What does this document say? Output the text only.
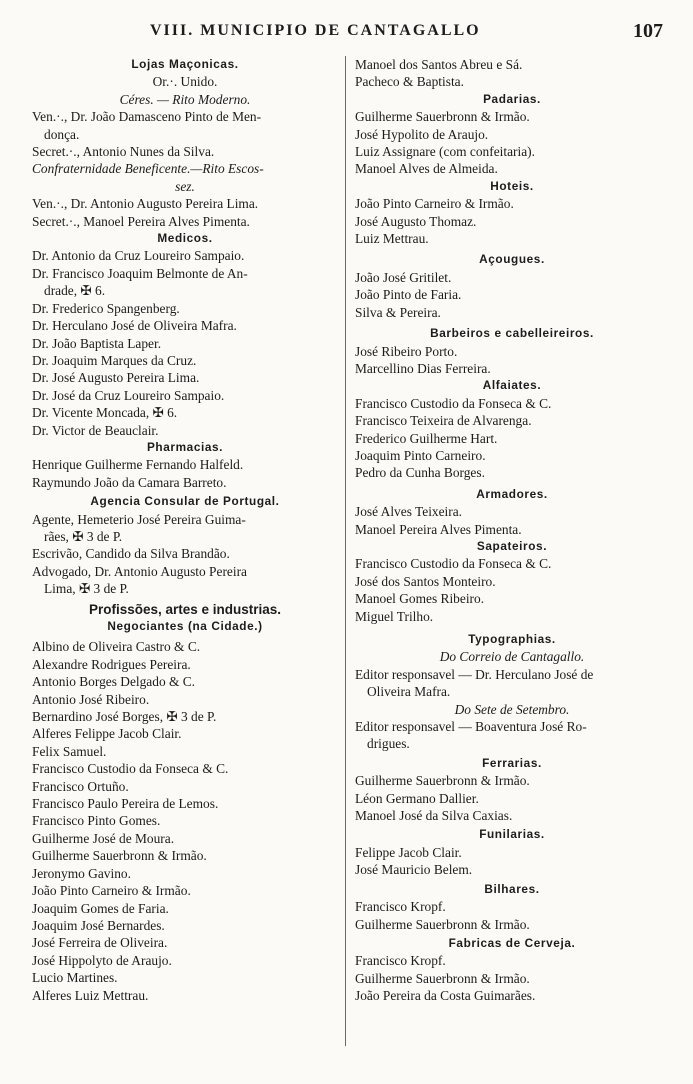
VIII. MUNICIPIO DE CANTAGALLO	107
Lojas Maçonicas.
Or.·. Unido.
Céres. — Rito Moderno.
Ven.·., Dr. João Damasceno Pinto de Men-
donça.
Secret.·., Antonio Nunes da Silva.
Confraternidade Beneficente.—Rito Escos-
sez.
Ven.·., Dr. Antonio Augusto Pereira Lima.
Secret.·., Manoel Pereira Alves Pimenta.
Medicos.
Dr. Antonio da Cruz Loureiro Sampaio.
Dr. Francisco Joaquim Belmonte de An-
drade, ✠ 6.
Dr. Frederico Spangenberg.
Dr. Herculano José de Oliveira Mafra.
Dr. João Baptista Laper.
Dr. Joaquim Marques da Cruz.
Dr. José Augusto Pereira Lima.
Dr. José da Cruz Loureiro Sampaio.
Dr. Vicente Moncada, ✠ 6.
Dr. Victor de Beauclair.
Pharmacias.
Henrique Guilherme Fernando Halfeld.
Raymundo João da Camara Barreto.
Agencia Consular de Portugal.
Agente, Hemeterio José Pereira Guima-
rães, ✠ 3 de P.
Escrivão, Candido da Silva Brandão.
Advogado, Dr. Antonio Augusto Pereira
Lima, ✠ 3 de P.
Profissões, artes e industrias.
Negociantes (na Cidade.)
Albino de Oliveira Castro & C.
Alexandre Rodrigues Pereira.
Antonio Borges Delgado & C.
Antonio José Ribeiro.
Bernardino José Borges, ✠ 3 de P.
Alferes Felippe Jacob Clair.
Felix Samuel.
Francisco Custodio da Fonseca & C.
Francisco Ortuño.
Francisco Paulo Pereira de Lemos.
Francisco Pinto Gomes.
Guilherme José de Moura.
Guilherme Sauerbronn & Irmão.
Jeronymo Gavino.
João Pinto Carneiro & Irmão.
Joaquim Gomes de Faria.
Joaquim José Bernardes.
José Ferreira de Oliveira.
José Hippolyto de Araujo.
Lucio Martines.
Alferes Luiz Mettrau.
Manoel dos Santos Abreu e Sá.
Pacheco & Baptista.
Padarias.
Guilherme Sauerbronn & Irmão.
José Hypolito de Araujo.
Luiz Assignare (com confeitaria).
Manoel Alves de Almeida.
Hoteis.
João Pinto Carneiro & Irmão.
José Augusto Thomaz.
Luiz Mettrau.
Açougues.
João José Gritilet.
João Pinto de Faria.
Silva & Pereira.
Barbeiros e cabelleireiros.
José Ribeiro Porto.
Marcellino Dias Ferreira.
Alfaiates.
Francisco Custodio da Fonseca & C.
Francisco Teixeira de Alvarenga.
Frederico Guilherme Hart.
Joaquim Pinto Carneiro.
Pedro da Cunha Borges.
Armadores.
José Alves Teixeira.
Manoel Pereira Alves Pimenta.
Sapateiros.
Francisco Custodio da Fonseca & C.
José dos Santos Monteiro.
Manoel Gomes Ribeiro.
Miguel Trilho.
Typographias.
Do Correio de Cantagallo.
Editor responsavel — Dr. Herculano José de
Oliveira Mafra.
Do Sete de Setembro.
Editor responsavel — Boaventura José Ro-
drigues.
Ferrarias.
Guilherme Sauerbronn & Irmão.
Léon Germano Dallier.
Manoel José da Silva Caxias.
Funilarias.
Felippe Jacob Clair.
José Mauricio Belem.
Bilhares.
Francisco Kropf.
Guilherme Sauerbronn & Irmão.
Fabricas de Cerveja.
Francisco Kropf.
Guilherme Sauerbronn & Irmão.
João Pereira da Costa Guimarães.
